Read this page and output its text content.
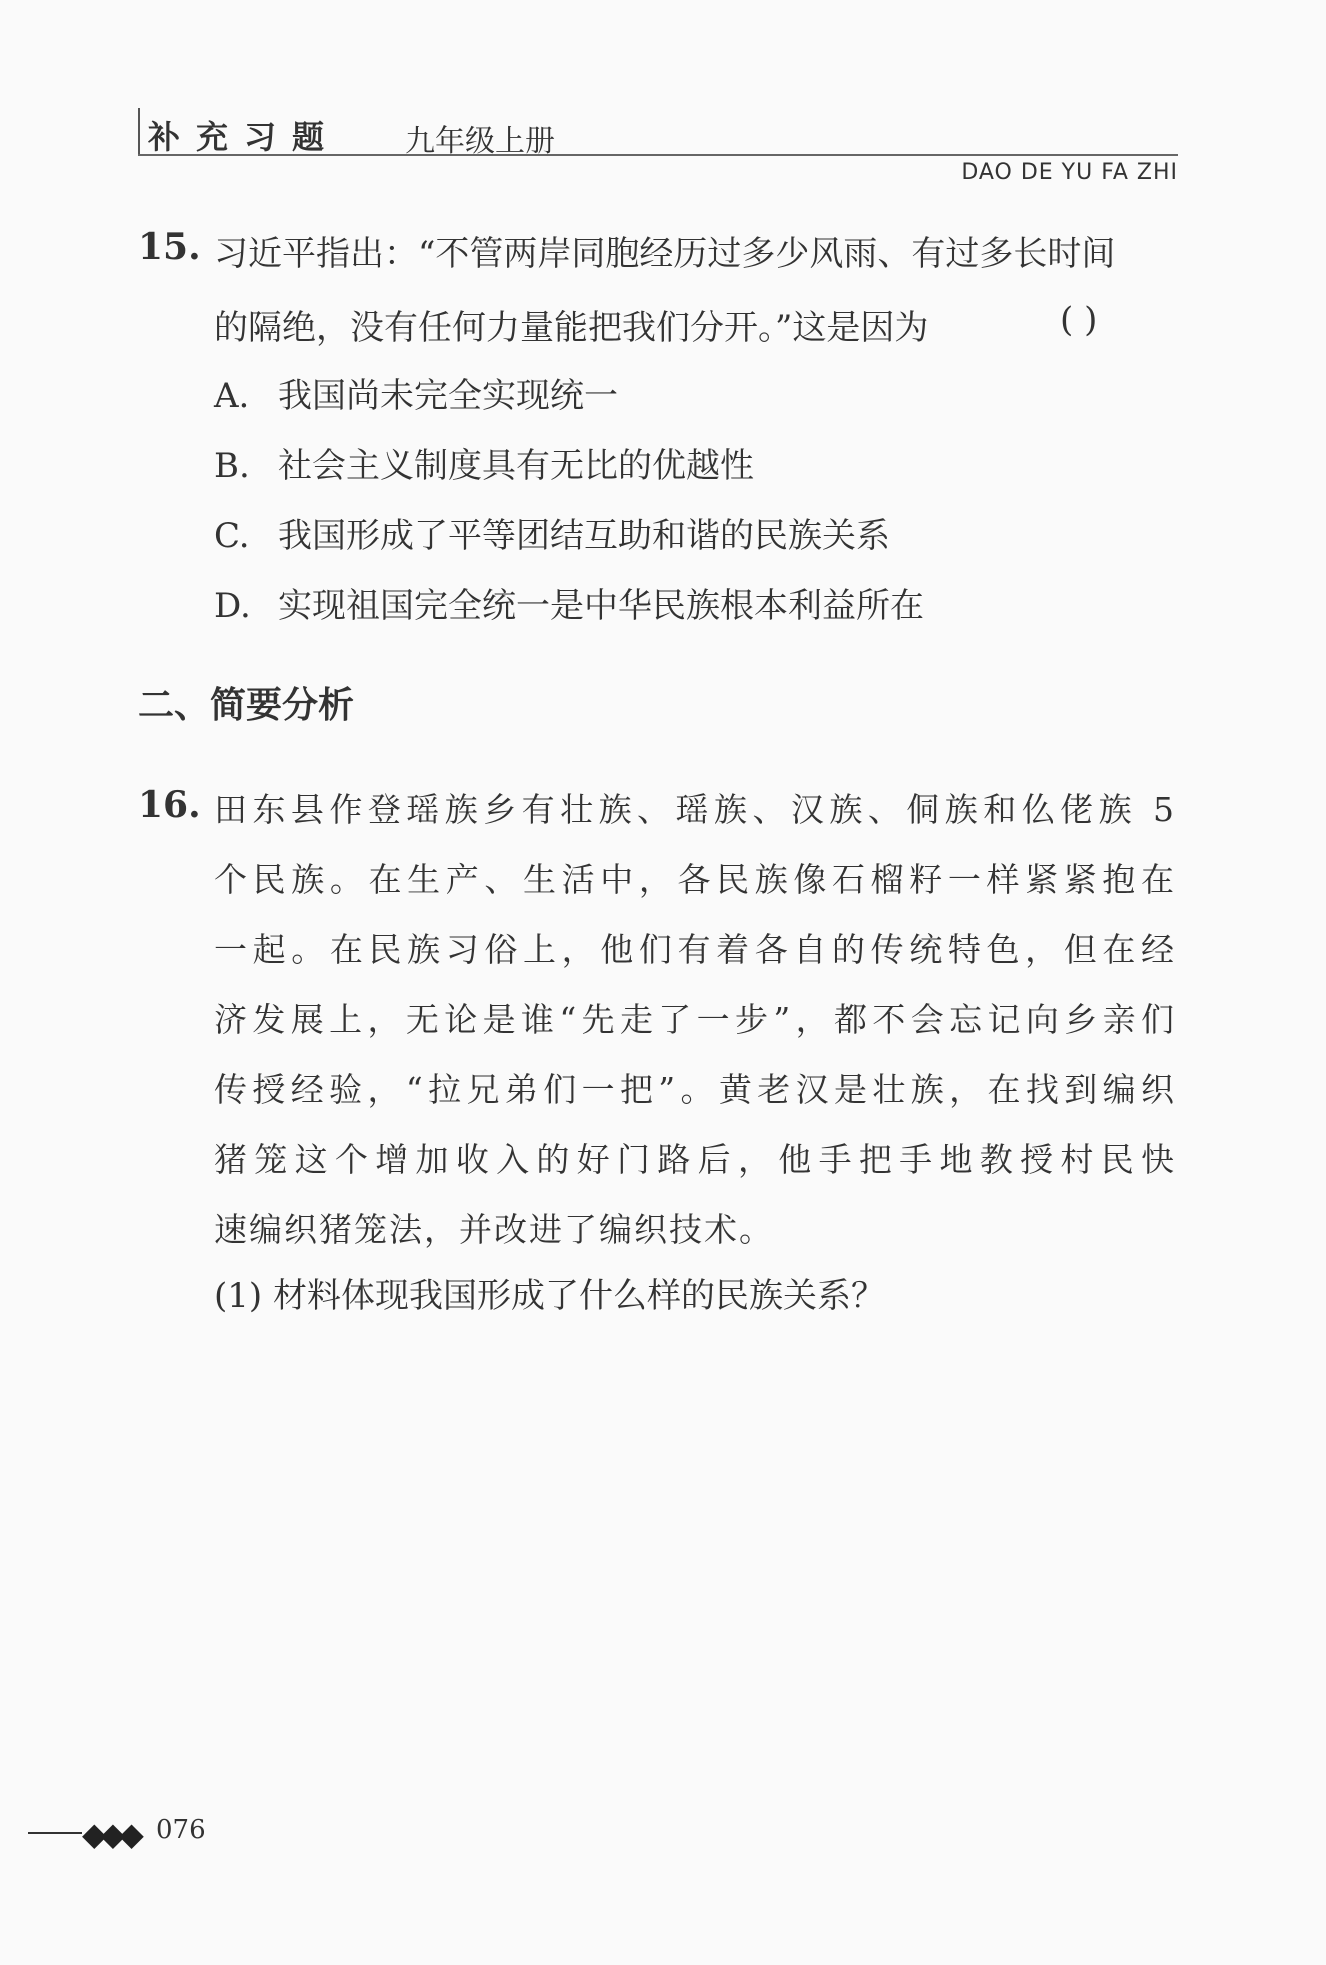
补充习题 九年级上册
DAO DE YU FA ZHI
15. 习近平指出：“不管两岸同胞经历过多少风雨、有过多长时间
的隔绝，没有任何力量能把我们分开。”这是因为	( )
A. 我国尚未完全实现统一
B. 社会主义制度具有无比的优越性
C. 我国形成了平等团结互助和谐的民族关系
D. 实现祖国完全统一是中华民族根本利益所在
二、简要分析
16. 田东县作登瑶族乡有壮族、瑶族、汉族、侗族和仫佬族 5
个民族。在生产、生活中，各民族像石榴籽一样紧紧抱在
一起。在民族习俗上，他们有着各自的传统特色，但在经
济发展上，无论是谁“先走了一步”，都不会忘记向乡亲们
传授经验，“拉兄弟们一把”。黄老汉是壮族，在找到编织
猪笼这个增加收入的好门路后，他手把手地教授村民快
速编织猪笼法，并改进了编织技术。
(1) 材料体现我国形成了什么样的民族关系？
◆◆◆ 076
